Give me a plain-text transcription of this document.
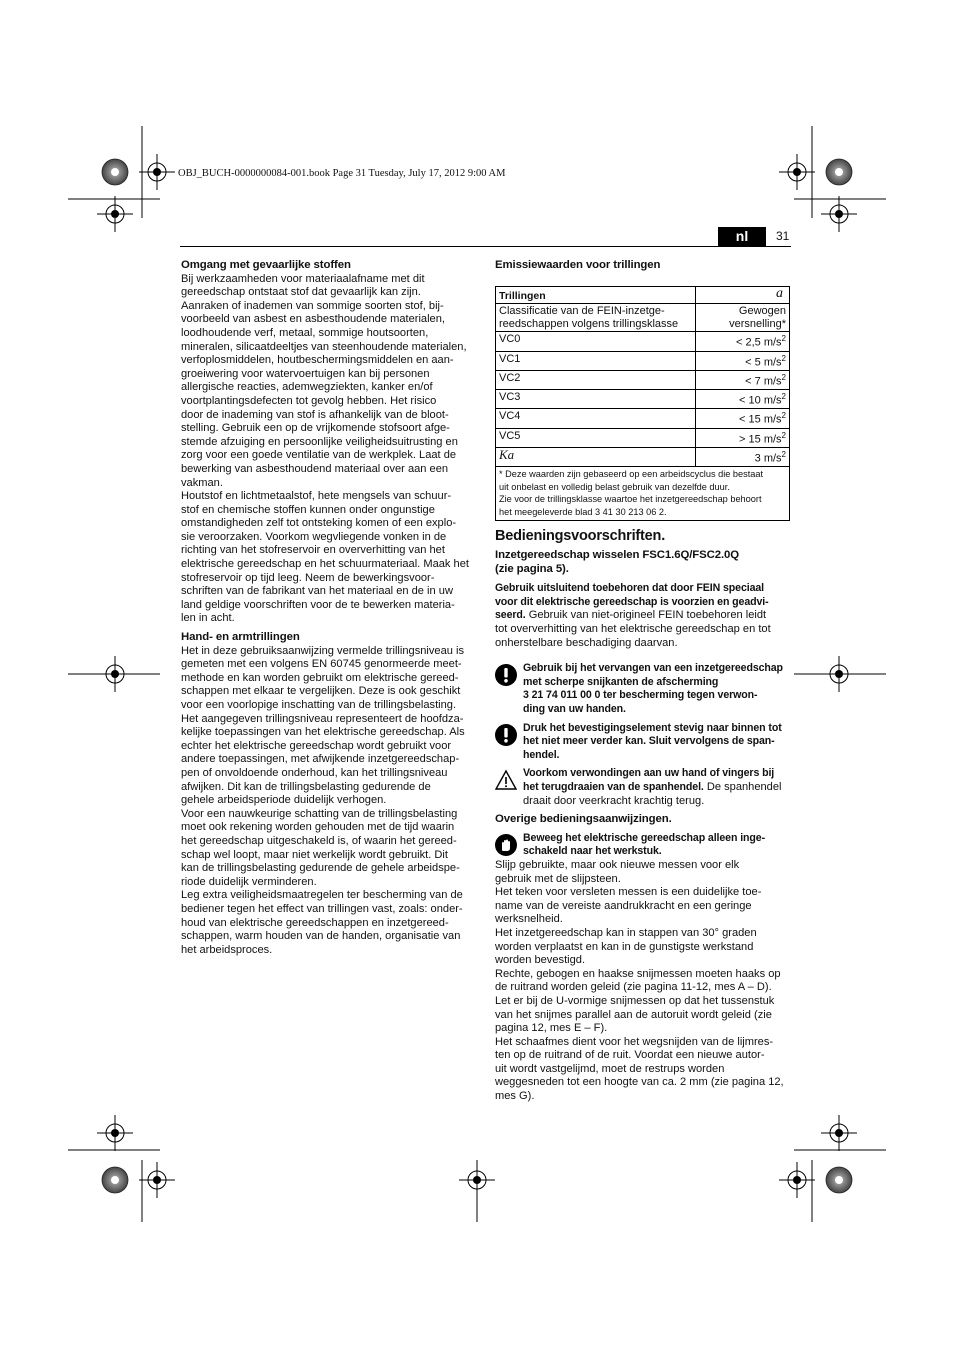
OBJ_BUCH-0000000084-001.book Page 31 Tuesday, July 17, 2012 9:00 AM
nl	31

Omgang met gevaarlijke stoffen

Bij werkzaamheden voor materiaalafname met dit

gereedschap ontstaat stof dat gevaarlijk kan zijn.

Aanraken of inademen van sommige soorten stof, bij-

voorbeeld van asbest en asbesthoudende materialen,

loodhoudende verf, metaal, sommige houtsoorten,

mineralen, silicaatdeeltjes van steenhoudende materialen,

verfoplosmiddelen, houtbeschermingsmiddelen en aan-

groeiwering voor watervoertuigen kan bij personen

allergische reacties, ademwegziekten, kanker en/of

voortplantingsdefecten tot gevolg hebben. Het risico

door de inademing van stof is afhankelijk van de bloot-

stelling. Gebruik een op de vrijkomende stofsoort afge-

stemde afzuiging en persoonlijke veiligheidsuitrusting en

zorg voor een goede ventilatie van de werkplek. Laat de

bewerking van asbesthoudend materiaal over aan een

vakman.

Houtstof en lichtmetaalstof, hete mengsels van schuur-

stof en chemische stoffen kunnen onder ongunstige

omstandigheden zelf tot ontsteking komen of een explo-

sie veroorzaken. Voorkom wegvliegende vonken in de

richting van het stofreservoir en oververhitting van het

elektrische gereedschap en het schuurmateriaal. Maak het

stofreservoir op tijd leeg. Neem de bewerkingsvoor-

schriften van de fabrikant van het materiaal en de in uw

land geldige voorschriften voor de te bewerken materia-

len in acht.

Hand- en armtrillingen

Het in deze gebruiksaanwijzing vermelde trillingsniveau is

gemeten met een volgens EN 60745 genormeerde meet-

methode en kan worden gebruikt om elektrische gereed-

schappen met elkaar te vergelijken. Deze is ook geschikt

voor een voorlopige inschatting van de trillingsbelasting.

Het aangegeven trillingsniveau representeert de hoofdza-

kelijke toepassingen van het elektrische gereedschap. Als

echter het elektrische gereedschap wordt gebruikt voor

andere toepassingen, met afwijkende inzetgereedschap-

pen of onvoldoende onderhoud, kan het trillingsniveau

afwijken. Dit kan de trillingsbelasting gedurende de

gehele arbeidsperiode duidelijk verhogen.

Voor een nauwkeurige schatting van de trillingsbelasting

moet ook rekening worden gehouden met de tijd waarin

het gereedschap uitgeschakeld is, of waarin het gereed-

schap wel loopt, maar niet werkelijk wordt gebruikt. Dit

kan de trillingsbelasting gedurende de gehele arbeidspe-

riode duidelijk verminderen.

Leg extra veiligheidsmaatregelen ter bescherming van de

bediener tegen het effect van trillingen vast, zoals: onder-

houd van elektrische gereedschappen en inzetgereed-

schappen, warm houden van de handen, organisatie van

het arbeidsproces.

Emissiewaarden voor trillingen

Trillingen	a
Classificatie van de FEIN-inzetge-
reedschappen volgens trillingsklasse	Gewogen
versnelling*
VC0	< 2,5 $m/s^2$
VC1	< 5 $m/s^2$
VC2	< 7 $m/s^2$
VC3	< 10 $m/s^2$
VC4	< 15 $m/s^2$
VC5	> 15 $m/s^2$
Ka	3 $m/s^2$
* Deze waarden zijn gebaseerd op een arbeidscyclus die bestaat
uit onbelast en volledig belast gebruik van dezelfde duur.
Zie voor de trillingsklasse waartoe het inzetgereedschap behoort
het meegeleverde blad 3 41 30 213 06 2.	

Bedieningsvoorschriften.

Inzetgereedschap wisselen FSC1.6Q/FSC2.0Q

(zie pagina 5).

Gebruik uitsluitend toebehoren dat door FEIN speciaal

voor dit elektrische gereedschap is voorzien en geadvi-

seerd. Gebruik van niet-origineel FEIN toebehoren leidt

tot oververhitting van het elektrische gereedschap en tot

onherstelbare beschadiging daarvan.

Gebruik bij het vervangen van een inzetgereedschap

met scherpe snijkanten de afscherming

3 21 74 011 00 0 ter bescherming tegen verwon-

ding van uw handen.

Druk het bevestigingselement stevig naar binnen tot

het niet meer verder kan. Sluit vervolgens de span-

hendel.

Voorkom verwondingen aan uw hand of vingers bij

het terugdraaien van de spanhendel. De spanhendel

draait door veerkracht krachtig terug.

Overige bedieningsaanwijzingen.

Beweeg het elektrische gereedschap alleen inge-

schakeld naar het werkstuk.

Slijp gebruikte, maar ook nieuwe messen voor elk

gebruik met de slijpsteen.

Het teken voor versleten messen is een duidelijke toe-

name van de vereiste aandrukkracht en een geringe

werksnelheid.

Het inzetgereedschap kan in stappen van 30° graden

worden verplaatst en kan in de gunstigste werkstand

worden bevestigd.

Rechte, gebogen en haakse snijmessen moeten haaks op

de ruitrand worden geleid (zie pagina 11-12, mes A – D).

Let er bij de U-vormige snijmessen op dat het tussenstuk

van het snijmes parallel aan de autoruit wordt geleid (zie

pagina 12, mes E – F).

Het schaafmes dient voor het wegsnijden van de lijmres-

ten op de ruitrand of de ruit. Voordat een nieuwe autor-

uit wordt vastgelijmd, moet de restrups worden

weggesneden tot een hoogte van ca. 2 mm (zie pagina 12,

mes G).
